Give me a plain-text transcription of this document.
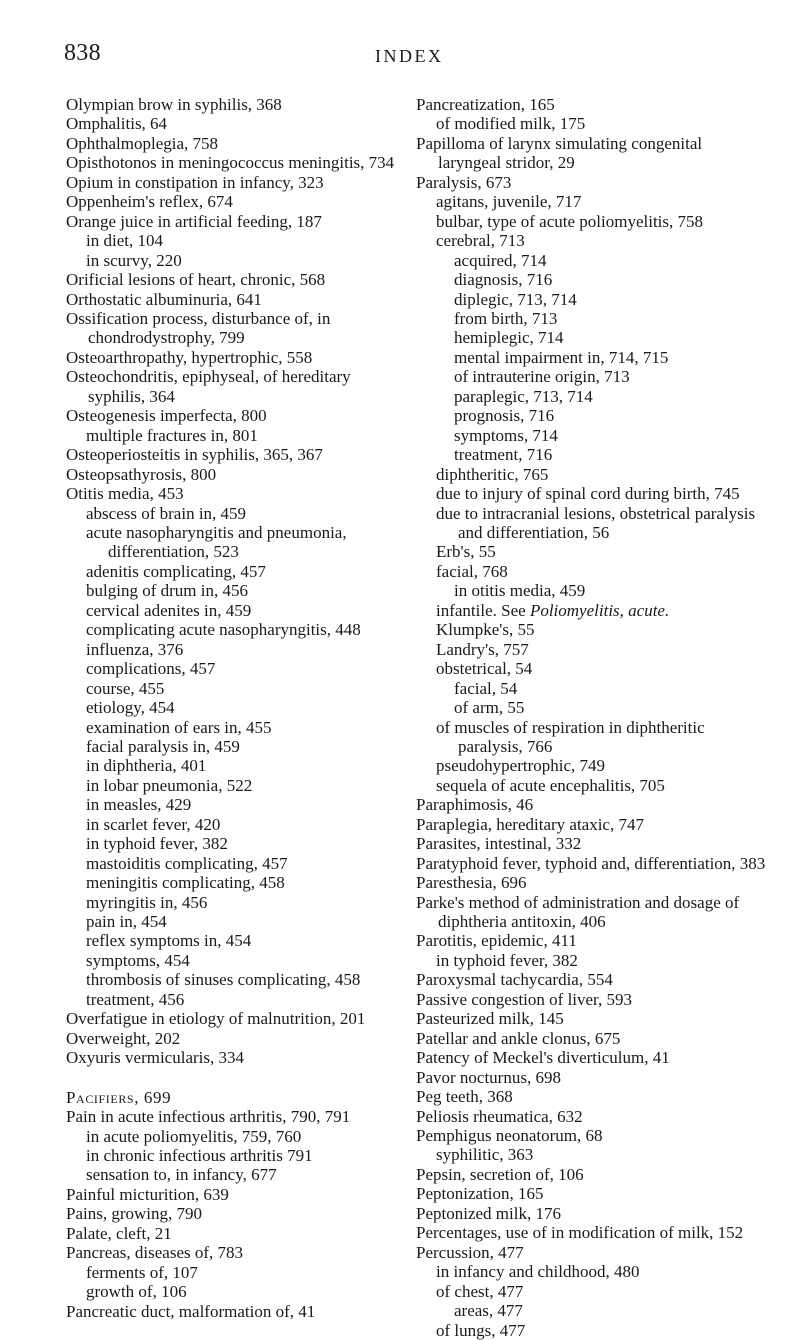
838	INDEX
Olympian brow in syphilis, 368
Omphalitis, 64
Ophthalmoplegia, 758
Opisthotonos in meningococcus meningitis, 734
Opium in constipation in infancy, 323
Oppenheim's reflex, 674
Orange juice in artificial feeding, 187
in diet, 104
in scurvy, 220
Orificial lesions of heart, chronic, 568
Orthostatic albuminuria, 641
Ossification process, disturbance of, in chondrodystrophy, 799
Osteoarthropathy, hypertrophic, 558
Osteochondritis, epiphyseal, of hereditary syphilis, 364
Osteogenesis imperfecta, 800
multiple fractures in, 801
Osteoperiosteitis in syphilis, 365, 367
Osteopsathyrosis, 800
Otitis media, 453
abscess of brain in, 459
acute nasopharyngitis and pneumonia, differentiation, 523
adenitis complicating, 457
bulging of drum in, 456
cervical adenites in, 459
complicating acute nasopharyngitis, 448
influenza, 376
complications, 457
course, 455
etiology, 454
examination of ears in, 455
facial paralysis in, 459
in diphtheria, 401
in lobar pneumonia, 522
in measles, 429
in scarlet fever, 420
in typhoid fever, 382
mastoiditis complicating, 457
meningitis complicating, 458
myringitis in, 456
pain in, 454
reflex symptoms in, 454
symptoms, 454
thrombosis of sinuses complicating, 458
treatment, 456
Overfatigue in etiology of malnutrition, 201
Overweight, 202
Oxyuris vermicularis, 334
Pacifiers, 699
Pain in acute infectious arthritis, 790, 791
in acute poliomyelitis, 759, 760
in chronic infectious arthritis 791
sensation to, in infancy, 677
Painful micturition, 639
Pains, growing, 790
Palate, cleft, 21
Pancreas, diseases of, 783
ferments of, 107
growth of, 106
Pancreatic duct, malformation of, 41
Pancreatization, 165
of modified milk, 175
Papilloma of larynx simulating congenital laryngeal stridor, 29
Paralysis, 673
agitans, juvenile, 717
bulbar, type of acute poliomyelitis, 758
cerebral, 713
acquired, 714
diagnosis, 716
diplegic, 713, 714
from birth, 713
hemiplegic, 714
mental impairment in, 714, 715
of intrauterine origin, 713
paraplegic, 713, 714
prognosis, 716
symptoms, 714
treatment, 716
diphtheritic, 765
due to injury of spinal cord during birth, 745
due to intracranial lesions, obstetrical paralysis and differentiation, 56
Erb's, 55
facial, 768
in otitis media, 459
infantile. See Poliomyelitis, acute.
Klumpke's, 55
Landry's, 757
obstetrical, 54
facial, 54
of arm, 55
of muscles of respiration in diphtheritic paralysis, 766
pseudohypertrophic, 749
sequela of acute encephalitis, 705
Paraphimosis, 46
Paraplegia, hereditary ataxic, 747
Parasites, intestinal, 332
Paratyphoid fever, typhoid and, differentiation, 383
Paresthesia, 696
Parke's method of administration and dosage of diphtheria antitoxin, 406
Parotitis, epidemic, 411
in typhoid fever, 382
Paroxysmal tachycardia, 554
Passive congestion of liver, 593
Pasteurized milk, 145
Patellar and ankle clonus, 675
Patency of Meckel's diverticulum, 41
Pavor nocturnus, 698
Peg teeth, 368
Peliosis rheumatica, 632
Pemphigus neonatorum, 68
syphilitic, 363
Pepsin, secretion of, 106
Peptonization, 165
Peptonized milk, 176
Percentages, use of in modification of milk, 152
Percussion, 477
in infancy and childhood, 480
of chest, 477
areas, 477
of lungs, 477
